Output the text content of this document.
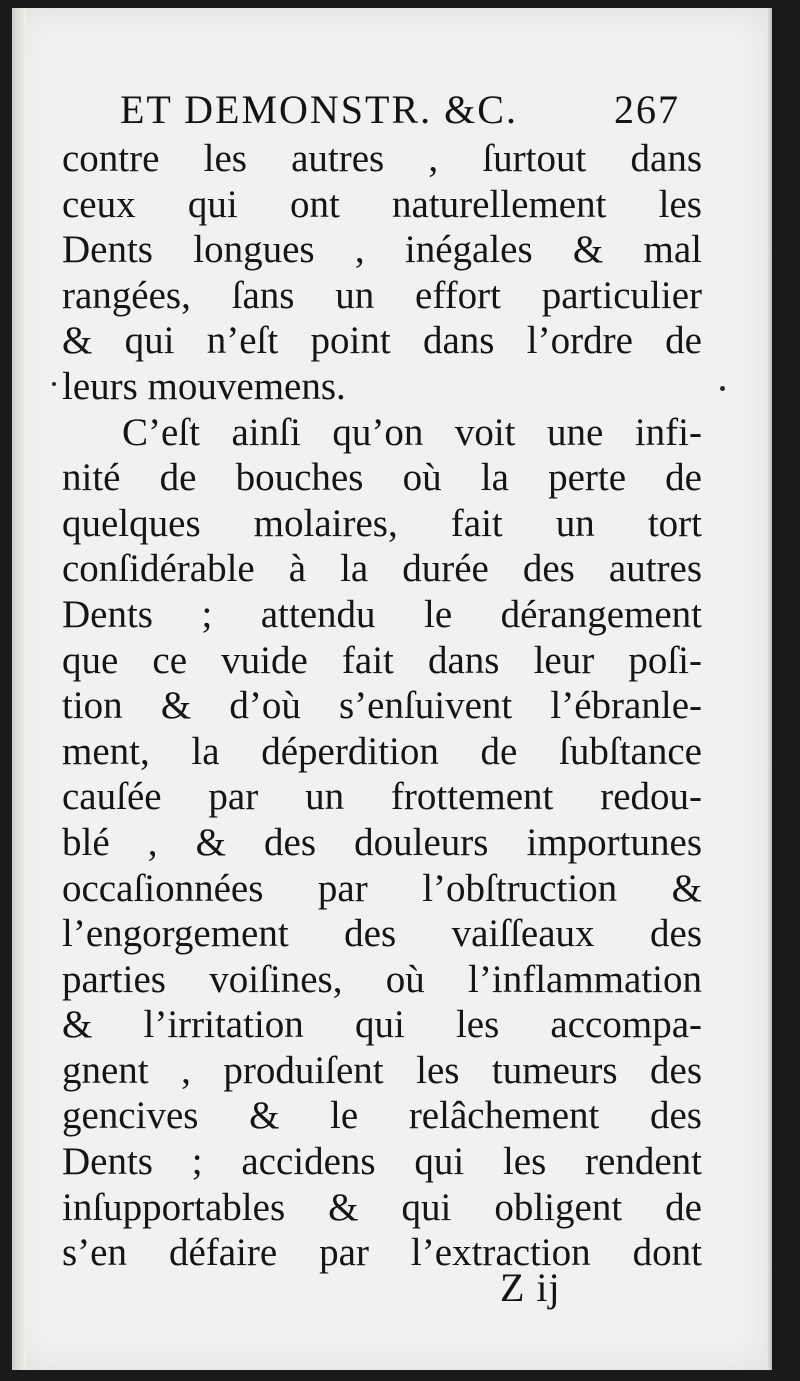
ET DEMONSTR. &C. 267
contre les autres , ſurtout dans
ceux qui ont naturellement les
Dents longues , inégales & mal
rangées, ſans un effort particulier
& qui n’eſt point dans l’ordre de
leurs mouvemens.
C’eſt ainſi qu’on voit une infi-
nité de bouches où la perte de
quelques molaires, fait un tort
conſidérable à la durée des autres
Dents ; attendu le dérangement
que ce vuide fait dans leur poſi-
tion & d’où s’enſuivent l’ébranle-
ment, la déperdition de ſubſtance
cauſée par un frottement redou-
blé , & des douleurs importunes
occaſionnées par l’obſtruction &
l’engorgement des vaiſſeaux des
parties voiſines, où l’inflammation
& l’irritation qui les accompa-
gnent , produiſent les tumeurs des
gencives & le relâchement des
Dents ; accidens qui les rendent
inſupportables & qui obligent de
s’en défaire par l’extraction dont
Z ij
